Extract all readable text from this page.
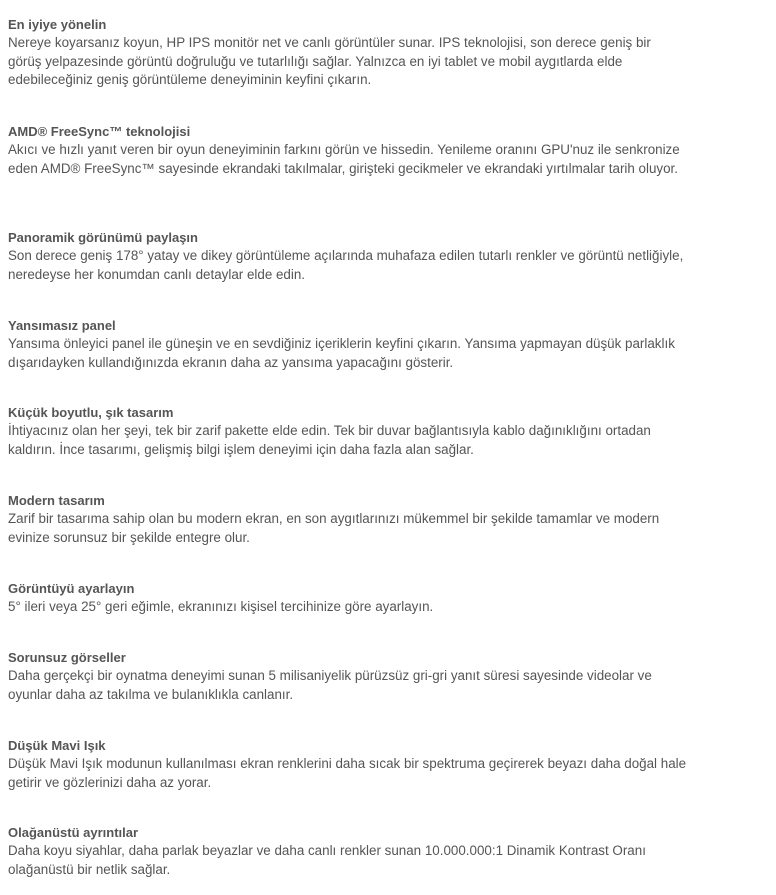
En iyiye yönelin

Nereye koyarsanız koyun, HP IPS monitör net ve canlı görüntüler sunar. IPS teknolojisi, son derece geniş bir görüş yelpazesinde görüntü doğruluğu ve tutarlılığı sağlar. Yalnızca en iyi tablet ve mobil aygıtlarda elde edebileceğiniz geniş görüntüleme deneyiminin keyfini çıkarın.

AMD® FreeSync™ teknolojisi

Akıcı ve hızlı yanıt veren bir oyun deneyiminin farkını görün ve hissedin. Yenileme oranını GPU'nuz ile senkronize eden AMD® FreeSync™ sayesinde ekrandaki takılmalar, girişteki gecikmeler ve ekrandaki yırtılmalar tarih oluyor.

Panoramik görünümü paylaşın

Son derece geniş 178° yatay ve dikey görüntüleme açılarında muhafaza edilen tutarlı renkler ve görüntü netliğiyle, neredeyse her konumdan canlı detaylar elde edin.

Yansımasız panel

Yansıma önleyici panel ile güneşin ve en sevdiğiniz içeriklerin keyfini çıkarın. Yansıma yapmayan düşük parlaklık dışarıdayken kullandığınızda ekranın daha az yansıma yapacağını gösterir.

Küçük boyutlu, şık tasarım

İhtiyacınız olan her şeyi, tek bir zarif pakette elde edin. Tek bir duvar bağlantısıyla kablo dağınıklığını ortadan kaldırın. İnce tasarımı, gelişmiş bilgi işlem deneyimi için daha fazla alan sağlar.

Modern tasarım

Zarif bir tasarıma sahip olan bu modern ekran, en son aygıtlarınızı mükemmel bir şekilde tamamlar ve modern evinize sorunsuz bir şekilde entegre olur.

Görüntüyü ayarlayın

5° ileri veya 25° geri eğimle, ekranınızı kişisel tercihinize göre ayarlayın.

Sorunsuz görseller

Daha gerçekçi bir oynatma deneyimi sunan 5 milisaniyelik pürüzsüz gri-gri yanıt süresi sayesinde videolar ve oyunlar daha az takılma ve bulanıklıkla canlanır.

Düşük Mavi Işık

Düşük Mavi Işık modunun kullanılması ekran renklerini daha sıcak bir spektruma geçirerek beyazı daha doğal hale getirir ve gözlerinizi daha az yorar.

Olağanüstü ayrıntılar

Daha koyu siyahlar, daha parlak beyazlar ve daha canlı renkler sunan 10.000.000:1 Dinamik Kontrast Oranı olağanüstü bir netlik sağlar.
